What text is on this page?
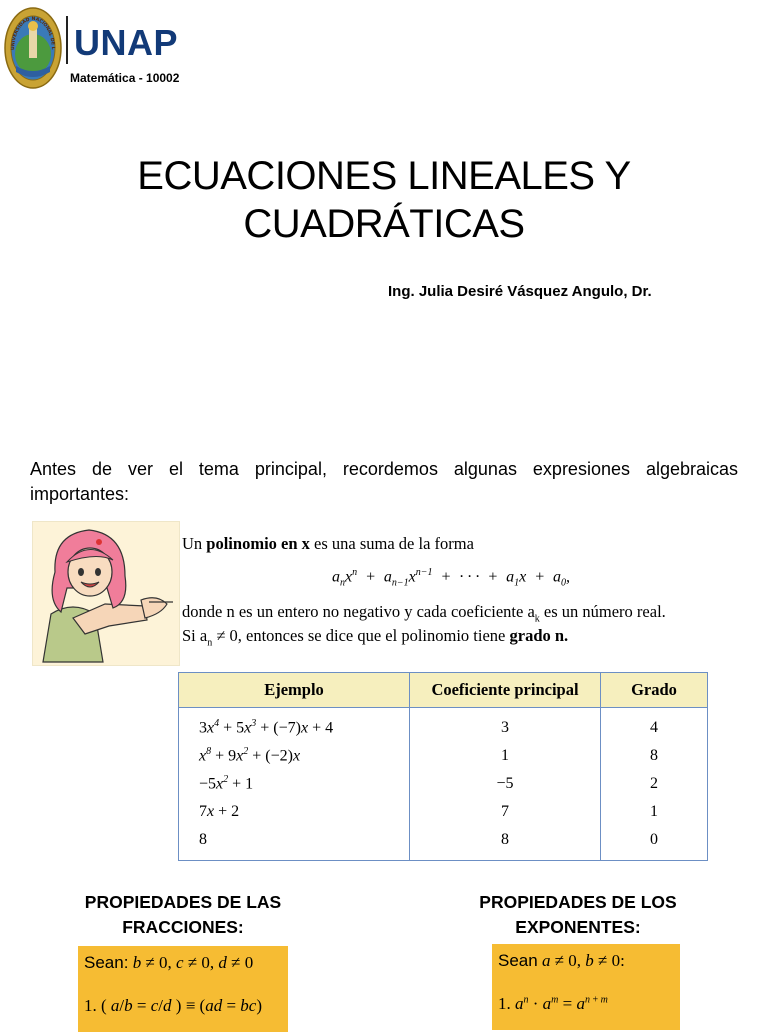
UNIVERSIDAD NACIONAL DE L UNAP
Matemática - 10002
ECUACIONES LINEALES Y
CUADRÁTICAS
Ing. Julia Desiré Vásquez Angulo, Dr.
Antes de ver el tema principal, recordemos algunas expresiones algebraicas importantes:
Un polinomio en x es una suma de la forma
$a_nx^n + a_{n-1}x^{n-1}$  +  · · ·  +  $a_1x + a_0$,
donde n es un entero no negativo y cada coeficiente $a_k$ es un número real.
Si $a_n \ne 0$, entonces se dice que el polinomio tiene grado n.
Ejemplo	Coeficiente principal	Grado
$3x^4 + 5x^3 + (-7)x + 4$	3	4
$x^8 + 9x^2 + (-2)x$	1	8
$-5x^2 + 1$	−5	2
7x + 2	7	1
8	8	0
PROPIEDADES DE LAS
FRACCIONES:
PROPIEDADES DE LOS
EXPONENTES:
Sean: b ≠ 0, c ≠ 0, d ≠ 0
1. ( a/b = c/d ) ≡ (ad = bc)
Sean a ≠ 0, b ≠ 0:
1. $a^n \cdot a^m = a^{n + m}$
